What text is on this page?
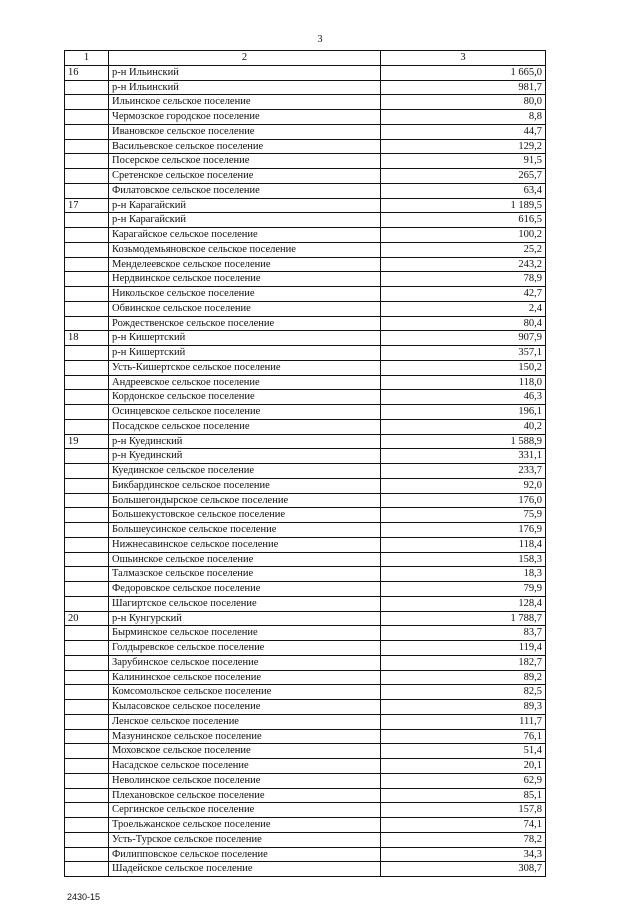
3
1	2	3
16	р-н Ильинский	1 665,0
	р-н Ильинский	981,7
	Ильинское сельское поселение	80,0
	Чермозское городское поселение	8,8
	Ивановское сельское поселение	44,7
	Васильевское сельское поселение	129,2
	Посерское сельское поселение	91,5
	Сретенское сельское поселение	265,7
	Филатовское сельское поселение	63,4
17	р-н Карагайский	1 189,5
	р-н Карагайский	616,5
	Карагайское сельское поселение	100,2
	Козьмодемьяновское сельское поселение	25,2
	Менделеевское сельское поселение	243,2
	Нердвинское сельское поселение	78,9
	Никольское сельское поселение	42,7
	Обвинское сельское поселение	2,4
	Рождественское сельское поселение	80,4
18	р-н Кишертский	907,9
	р-н Кишертский	357,1
	Усть-Кишертское сельское поселение	150,2
	Андреевское сельское поселение	118,0
	Кордонское сельское поселение	46,3
	Осинцевское сельское поселение	196,1
	Посадское сельское поселение	40,2
19	р-н Куединский	1 588,9
	р-н Куединский	331,1
	Куединское сельское поселение	233,7
	Бикбардинское сельское поселение	92,0
	Большегондырское сельское поселение	176,0
	Большекустовское сельское поселение	75,9
	Большеусинское сельское поселение	176,9
	Нижнесавинское сельское поселение	118,4
	Ошьинское сельское поселение	158,3
	Талмазское сельское поселение	18,3
	Федоровское сельское поселение	79,9
	Шагиртское сельское поселение	128,4
20	р-н Кунгурский	1 788,7
	Бырминское сельское поселение	83,7
	Голдыревское сельское поселение	119,4
	Зарубинское сельское поселение	182,7
	Калининское сельское поселение	89,2
	Комсомольское сельское поселение	82,5
	Кыласовское сельское поселение	89,3
	Ленское сельское поселение	111,7
	Мазунинское сельское поселение	76,1
	Моховское сельское поселение	51,4
	Насадское сельское поселение	20,1
	Неволинское сельское поселение	62,9
	Плехановское сельское поселение	85,1
	Сергинское сельское поселение	157,8
	Троельжанское сельское поселение	74,1
	Усть-Турское сельское поселение	78,2
	Филипповское сельское поселение	34,3
	Шадейское сельское поселение	308,7
2430-15
